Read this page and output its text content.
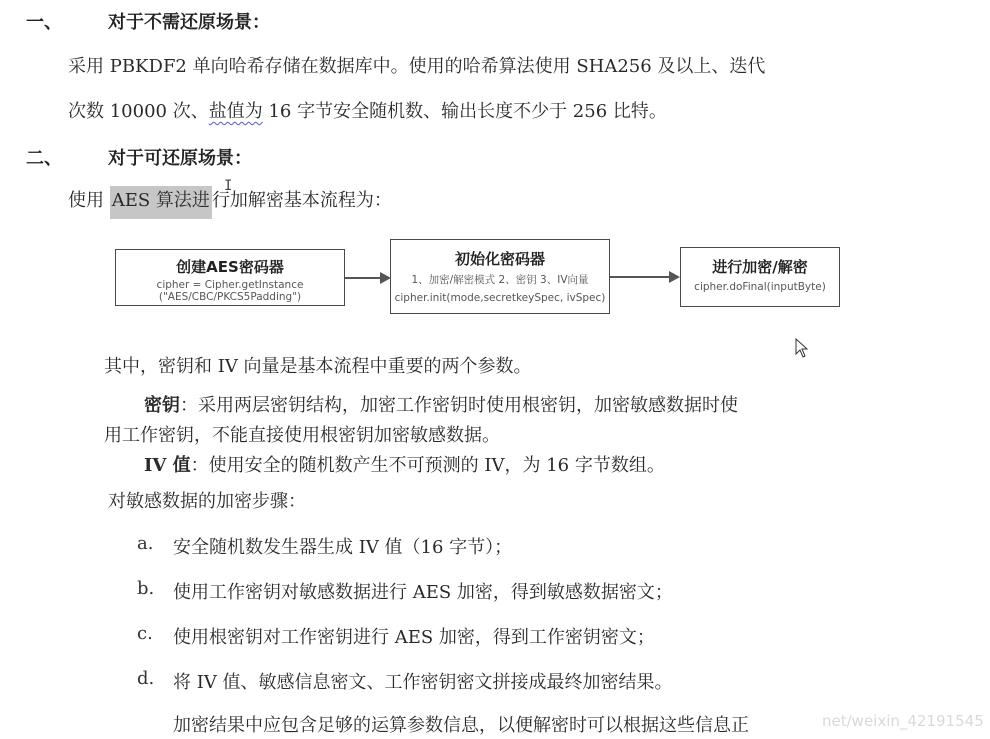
一、	对于不需还原场景：
采用 PBKDF2 单向哈希存储在数据库中。使用的哈希算法使用 SHA256 及以上、迭代
次数 10000 次、盐值为 16 字节安全随机数、输出长度不少于 256 比特。
二、	对于可还原场景：
使用 AES 算法进 行加解密基本流程为：
I
创建AES密码器
cipher = Cipher.getInstance
("AES/CBC/PKCS5Padding")
初始化密码器
1、加密/解密模式 2、密钥 3、IV向量
cipher.init(mode,secretkeySpec, ivSpec)
进行加密/解密
cipher.doFinal(inputByte)
其中，密钥和 IV 向量是基本流程中重要的两个参数。
密钥：采用两层密钥结构，加密工作密钥时使用根密钥，加密敏感数据时使
用工作密钥，不能直接使用根密钥加密敏感数据。
IV 值：使用安全的随机数产生不可预测的 IV，为 16 字节数组。
对敏感数据的加密步骤：
a. 安全随机数发生器生成 IV 值（16 字节）；
b. 使用工作密钥对敏感数据进行 AES 加密，得到敏感数据密文；
c. 使用根密钥对工作密钥进行 AES 加密，得到工作密钥密文；
d. 将 IV 值、敏感信息密文、工作密钥密文拼接成最终加密结果。
加密结果中应包含足够的运算参数信息，以便解密时可以根据这些信息正	net/weixin_42191545
